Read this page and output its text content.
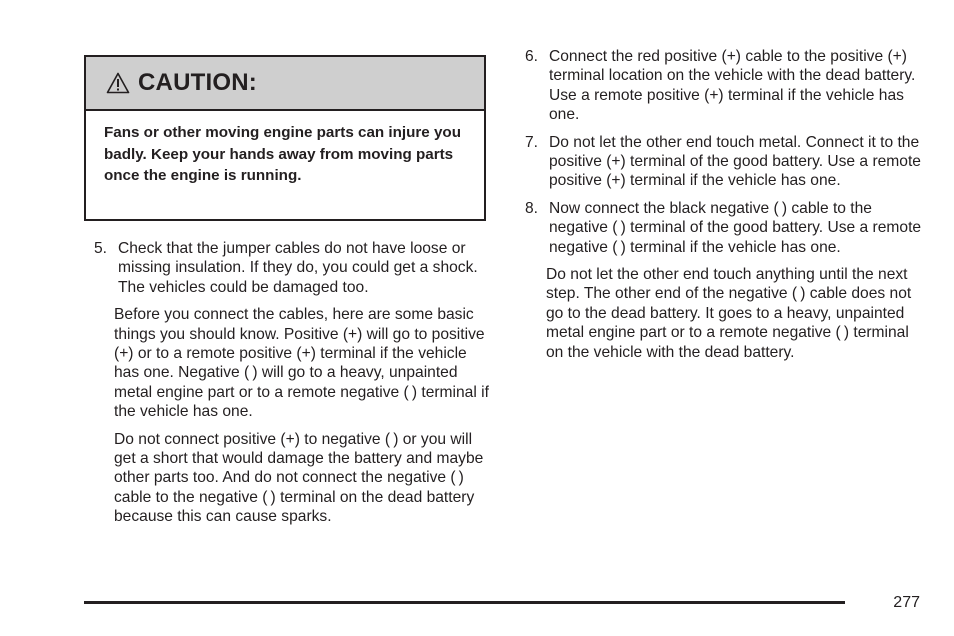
CAUTION:
Fans or other moving engine parts can injure you badly. Keep your hands away from moving parts once the engine is running.
5. Check that the jumper cables do not have loose or missing insulation. If they do, you could get a shock. The vehicles could be damaged too.
Before you connect the cables, here are some basic things you should know. Positive (+) will go to positive (+) or to a remote positive (+) terminal if the vehicle has one. Negative ( ) will go to a heavy, unpainted metal engine part or to a remote negative ( ) terminal if the vehicle has one.
Do not connect positive (+) to negative ( ) or you will get a short that would damage the battery and maybe other parts too. And do not connect the negative ( ) cable to the negative ( ) terminal on the dead battery because this can cause sparks.
6. Connect the red positive (+) cable to the positive (+) terminal location on the vehicle with the dead battery. Use a remote positive (+) terminal if the vehicle has one.
7. Do not let the other end touch metal. Connect it to the positive (+) terminal of the good battery. Use a remote positive (+) terminal if the vehicle has one.
8. Now connect the black negative ( ) cable to the negative ( ) terminal of the good battery. Use a remote negative ( ) terminal if the vehicle has one.
Do not let the other end touch anything until the next step. The other end of the negative ( ) cable does not go to the dead battery. It goes to a heavy, unpainted metal engine part or to a remote negative ( ) terminal on the vehicle with the dead battery.
277
